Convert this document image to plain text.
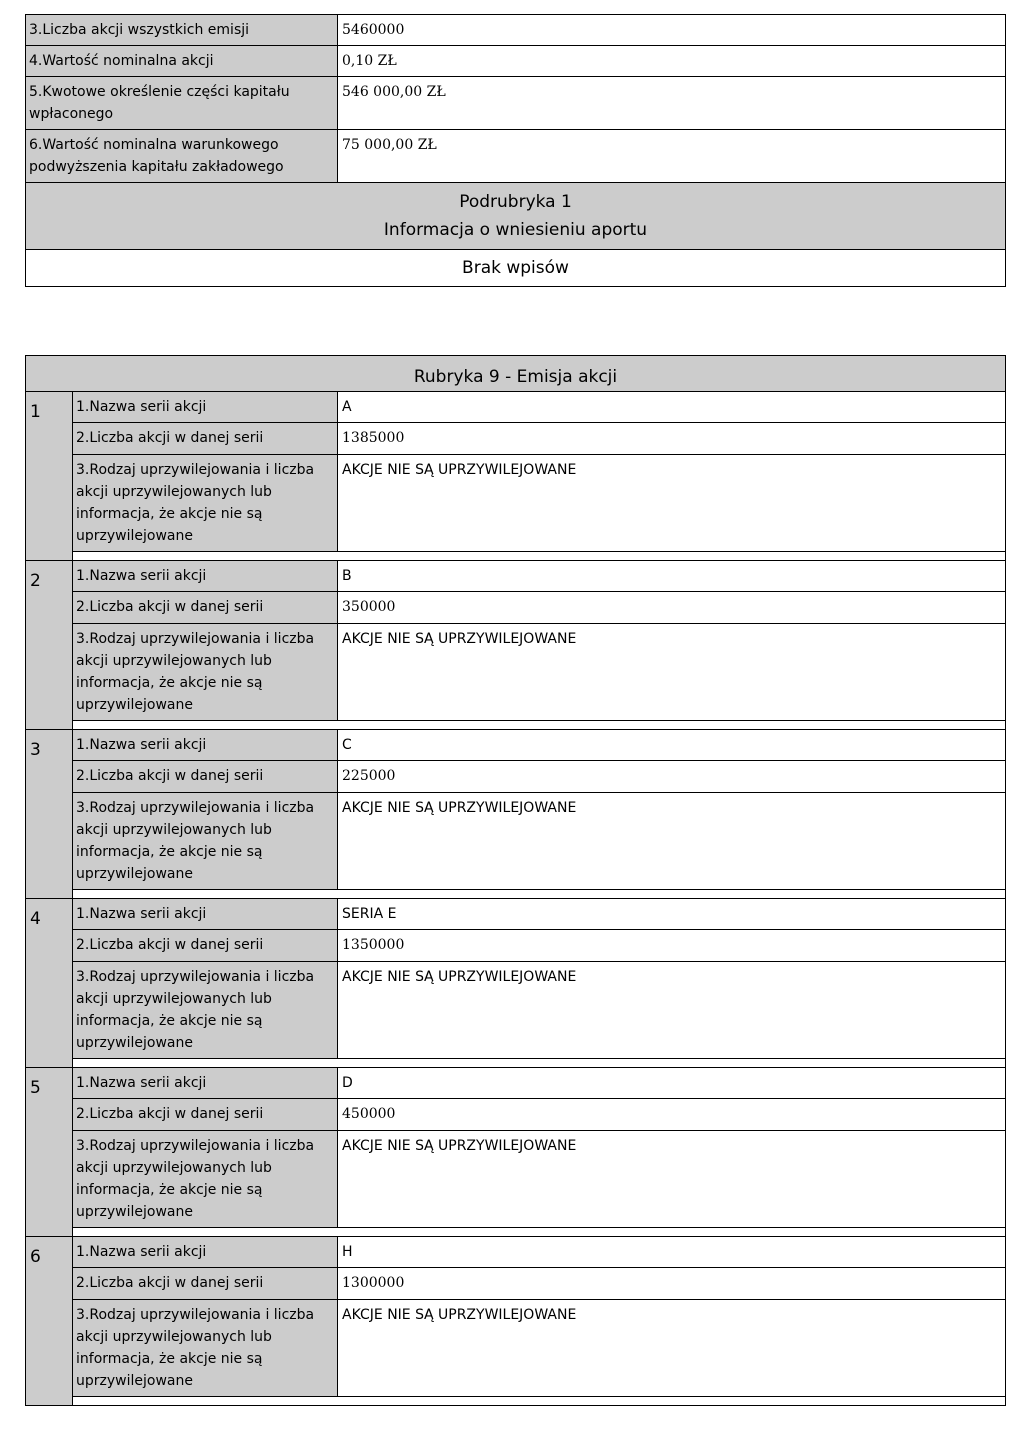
3.Liczba akcji wszystkich emisji	5460000
4.Wartość nominalna akcji	0,10 ZŁ
5.Kwotowe określenie części kapitału wpłaconego	546 000,00 ZŁ
6.Wartość nominalna warunkowego podwyższenia kapitału zakładowego	75 000,00 ZŁ

Podrubryka 1
Informacja o wniesieniu aportu	

Brak wpisów	
Rubryka 9 - Emisja akcji		
1	1.Nazwa serii akcji	A
	2.Liczba akcji w danej serii	1385000
	3.Rodzaj uprzywilejowania i liczba akcji uprzywilejowanych lub informacja, że akcje nie są uprzywilejowane	AKCJE NIE SĄ UPRZYWILEJOWANE

2	1.Nazwa serii akcji	B
	2.Liczba akcji w danej serii	350000
	3.Rodzaj uprzywilejowania i liczba akcji uprzywilejowanych lub informacja, że akcje nie są uprzywilejowane	AKCJE NIE SĄ UPRZYWILEJOWANE

3	1.Nazwa serii akcji	C
	2.Liczba akcji w danej serii	225000
	3.Rodzaj uprzywilejowania i liczba akcji uprzywilejowanych lub informacja, że akcje nie są uprzywilejowane	AKCJE NIE SĄ UPRZYWILEJOWANE

4	1.Nazwa serii akcji	SERIA E
	2.Liczba akcji w danej serii	1350000
	3.Rodzaj uprzywilejowania i liczba akcji uprzywilejowanych lub informacja, że akcje nie są uprzywilejowane	AKCJE NIE SĄ UPRZYWILEJOWANE

5	1.Nazwa serii akcji	D
	2.Liczba akcji w danej serii	450000
	3.Rodzaj uprzywilejowania i liczba akcji uprzywilejowanych lub informacja, że akcje nie są uprzywilejowane	AKCJE NIE SĄ UPRZYWILEJOWANE

6	1.Nazwa serii akcji	H
	2.Liczba akcji w danej serii	1300000
	3.Rodzaj uprzywilejowania i liczba akcji uprzywilejowanych lub informacja, że akcje nie są uprzywilejowane	AKCJE NIE SĄ UPRZYWILEJOWANE
